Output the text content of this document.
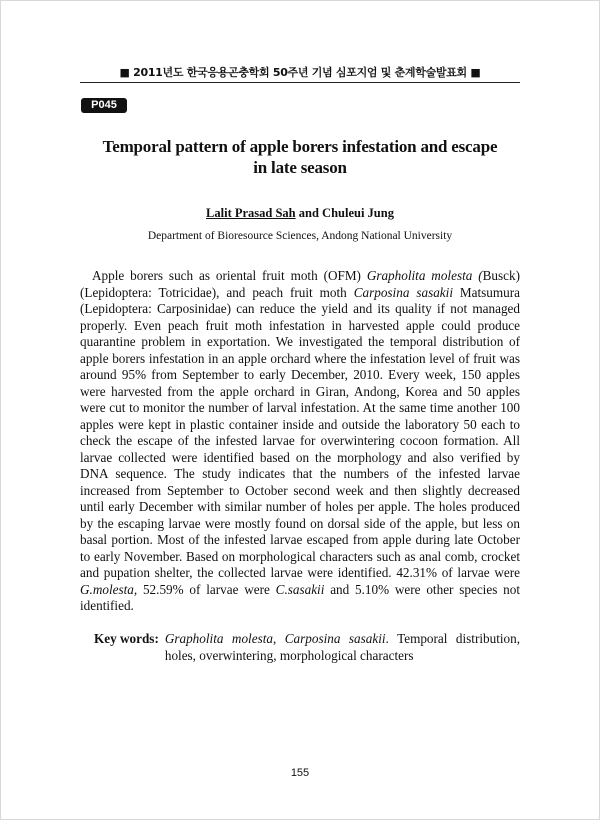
■ 2011년도 한국응용곤충학회 50주년 기념 심포지엄 및 춘계학술발표회 ■
P045
Temporal pattern of apple borers infestation and escape
in late season
Lalit Prasad Sah and Chuleui Jung
Department of Bioresource Sciences, Andong National University

Apple borers such as oriental fruit moth (OFM) Grapholita molesta (Busck) (Lepidoptera: Totricidae), and peach fruit moth Carposina sasakii Matsumura (Lepidoptera: Carposinidae) can reduce the yield and its quality if not managed properly. Even peach fruit moth infestation in harvested apple could produce quarantine problem in exportation. We investigated the temporal distribution of apple borers infestation in an apple orchard where the infestation level of fruit was around 95% from September to early December, 2010. Every week, 150 apples were harvested from the apple orchard in Giran, Andong, Korea and 50 apples were cut to monitor the number of larval infestation. At the same time another 100 apples were kept in plastic container inside and outside the laboratory 50 each to check the escape of the infested larvae for overwintering cocoon formation. All larvae collected were identified based on the morphology and also verified by DNA sequence. The study indicates that the numbers of the infested larvae increased from September to October second week and then slightly decreased until early December with similar number of holes per apple. The holes produced by the escaping larvae were mostly found on dorsal side of the apple, but less on basal portion. Most of the infested larvae escaped from apple during late October to early November. Based on morphological characters such as anal comb, crocket and pupation shelter, the collected larvae were identified. 42.31% of larvae were G.molesta, 52.59% of larvae were C.sasakii and 5.10% were other species not identified.

Key words: Grapholita molesta, Carposina sasakii. Temporal distribution, holes, overwintering, morphological characters
155
